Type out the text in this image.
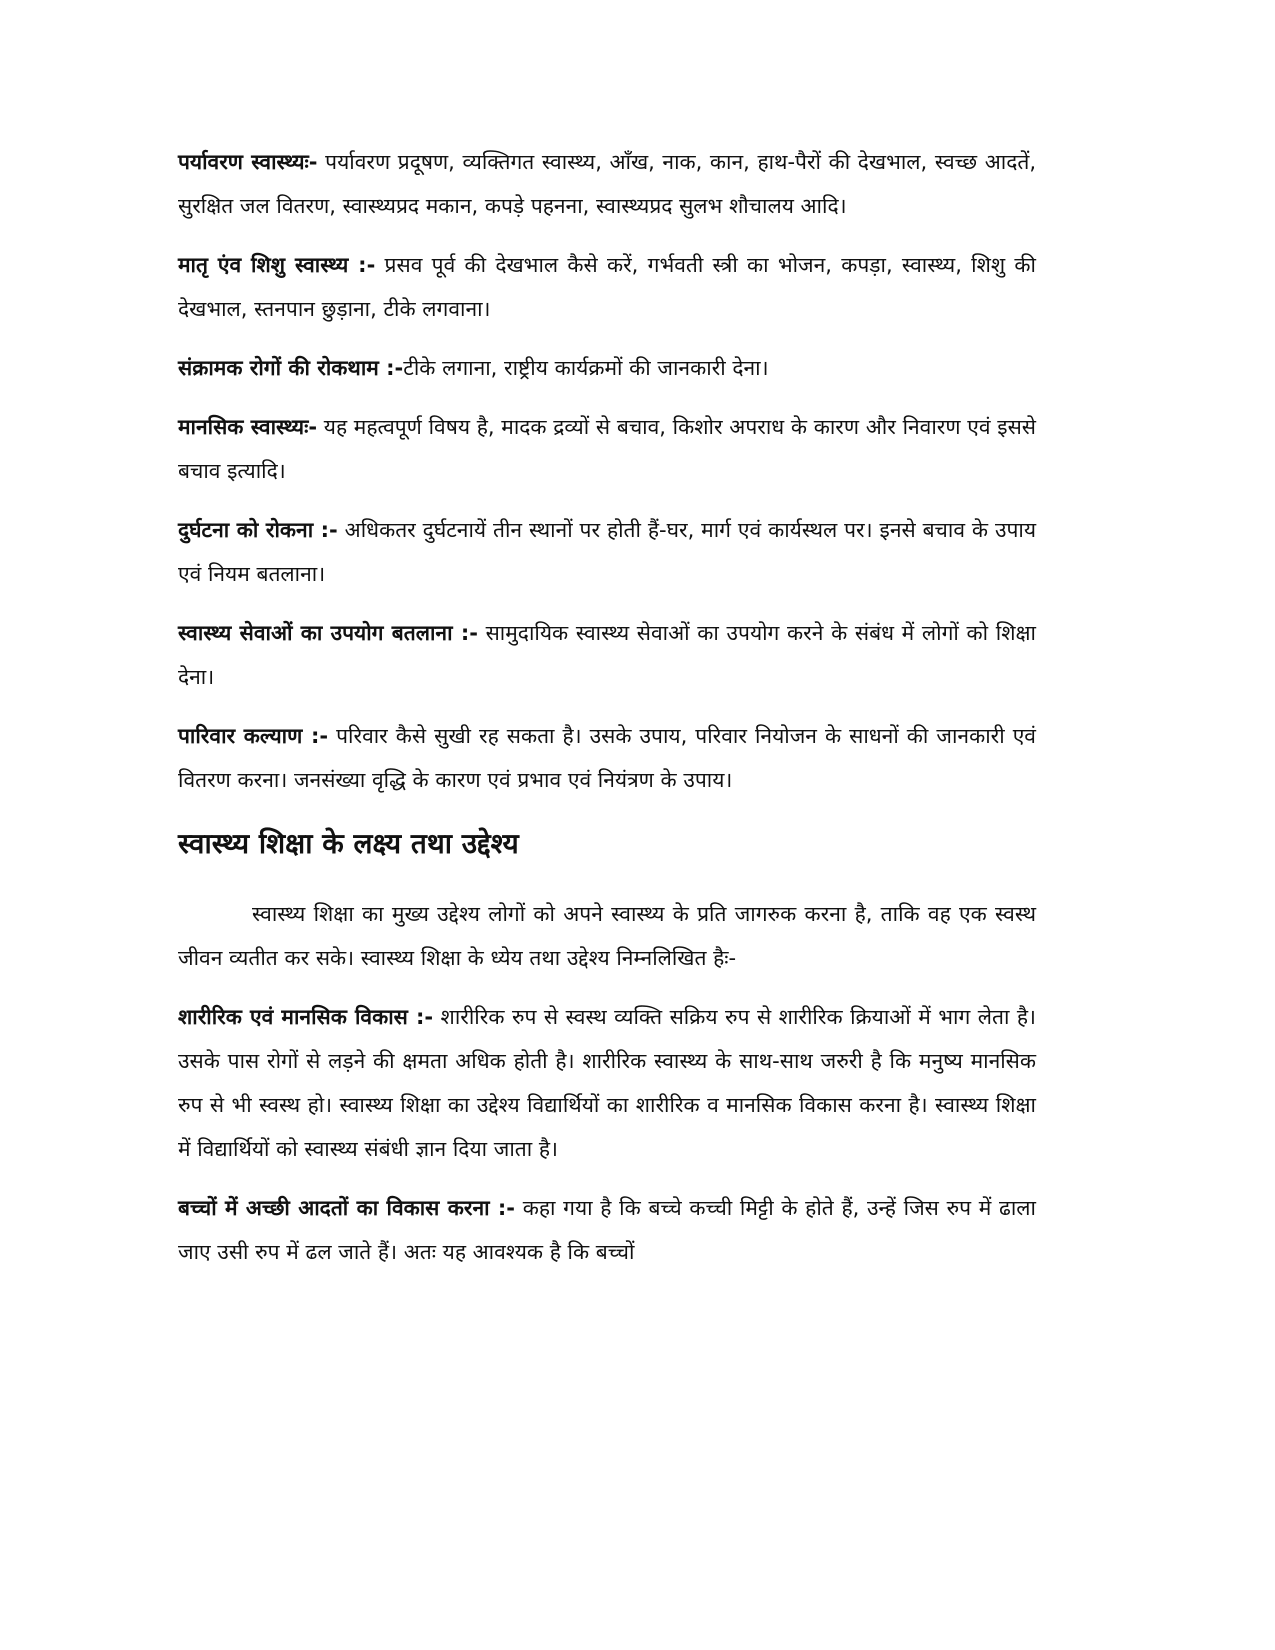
पर्यावरण स्वास्थ्यः- पर्यावरण प्रदूषण, व्यक्तिगत स्वास्थ्य, आँख, नाक, कान, हाथ-पैरों की देखभाल, स्वच्छ आदतें, सुरक्षित जल वितरण, स्वास्थ्यप्रद मकान, कपड़े पहनना, स्वास्थ्यप्रद सुलभ शौचालय आदि।

मातृ एंव शिशु स्वास्थ्य :- प्रसव पूर्व की देखभाल कैसे करें, गर्भवती स्त्री का भोजन, कपड़ा, स्वास्थ्य, शिशु की देखभाल, स्तनपान छुड़ाना, टीके लगवाना।

संक्रामक रोगों की रोकथाम :-टीके लगाना, राष्ट्रीय कार्यक्रमों की जानकारी देना।

मानसिक स्वास्थ्यः- यह महत्वपूर्ण विषय है, मादक द्रव्यों से बचाव, किशोर अपराध के कारण और निवारण एवं इससे बचाव इत्यादि।

दुर्घटना को रोकना :- अधिकतर दुर्घटनायें तीन स्थानों पर होती हैं-घर, मार्ग एवं कार्यस्थल पर। इनसे बचाव के उपाय एवं नियम बतलाना।

स्वास्थ्य सेवाओं का उपयोग बतलाना :- सामुदायिक स्वास्थ्य सेवाओं का उपयोग करने के संबंध में लोगों को शिक्षा देना।

पारिवार कल्याण :- परिवार कैसे सुखी रह सकता है। उसके उपाय, परिवार नियोजन के साधनों की जानकारी एवं वितरण करना। जनसंख्या वृद्धि के कारण एवं प्रभाव एवं नियंत्रण के उपाय।

स्वास्थ्य शिक्षा के लक्ष्य तथा उद्देश्य

स्वास्थ्य शिक्षा का मुख्य उद्देश्य लोगों को अपने स्वास्थ्य के प्रति जागरुक करना है, ताकि वह एक स्वस्थ जीवन व्यतीत कर सके। स्वास्थ्य शिक्षा के ध्येय तथा उद्देश्य निम्नलिखित हैः-

शारीरिक एवं मानसिक विकास :- शारीरिक रुप से स्वस्थ व्यक्ति सक्रिय रुप से शारीरिक क्रियाओं में भाग लेता है। उसके पास रोगों से लड़ने की क्षमता अधिक होती है। शारीरिक स्वास्थ्य के साथ-साथ जरुरी है कि मनुष्य मानसिक रुप से भी स्वस्थ हो। स्वास्थ्य शिक्षा का उद्देश्य विद्यार्थियों का शारीरिक व मानसिक विकास करना है। स्वास्थ्य शिक्षा में विद्यार्थियों को स्वास्थ्य संबंधी ज्ञान दिया जाता है।

बच्चों में अच्छी आदतों का विकास करना :- कहा गया है कि बच्चे कच्ची मिट्टी के होते हैं, उन्हें जिस रुप में ढाला जाए उसी रुप में ढल जाते हैं। अतः यह आवश्यक है कि बच्चों
